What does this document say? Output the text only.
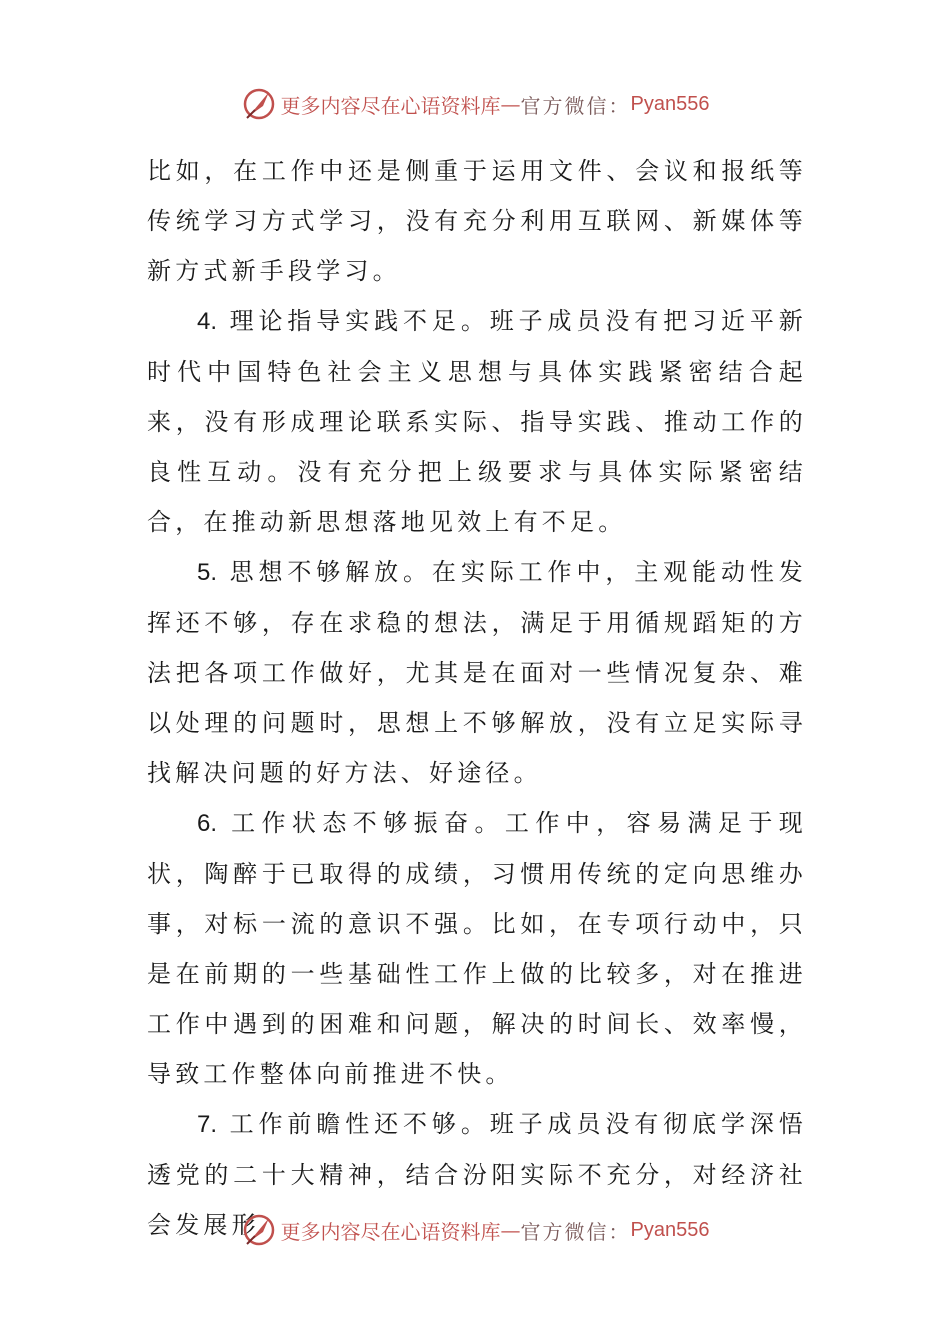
更多内容尽在心语资料库 — 官方微信： Pyan556

比如，在工作中还是侧重于运用文件、会议和报纸等传统学习方式学习，没有充分利用互联网、新媒体等新方式新手段学习。

4. 理论指导实践不足。班子成员没有把习近平新时代中国特色社会主义思想与具体实践紧密结合起来，没有形成理论联系实际、指导实践、推动工作的良性互动。没有充分把上级要求与具体实际紧密结合，在推动新思想落地见效上有不足。

5. 思想不够解放。在实际工作中，主观能动性发挥还不够，存在求稳的想法，满足于用循规蹈矩的方法把各项工作做好，尤其是在面对一些情况复杂、难以处理的问题时，思想上不够解放，没有立足实际寻找解决问题的好方法、好途径。

6. 工作状态不够振奋。工作中，容易满足于现状，陶醉于已取得的成绩，习惯用传统的定向思维办事，对标一流的意识不强。比如，在专项行动中，只是在前期的一些基础性工作上做的比较多，对在推进工作中遇到的困难和问题，解决的时间长、效率慢，导致工作整体向前推进不快。

7. 工作前瞻性还不够。班子成员没有彻底学深悟透党的二十大精神，结合汾阳实际不充分，对经济社会发展形	更多内容尽在心语资料库 — 官方微信： Pyan556
